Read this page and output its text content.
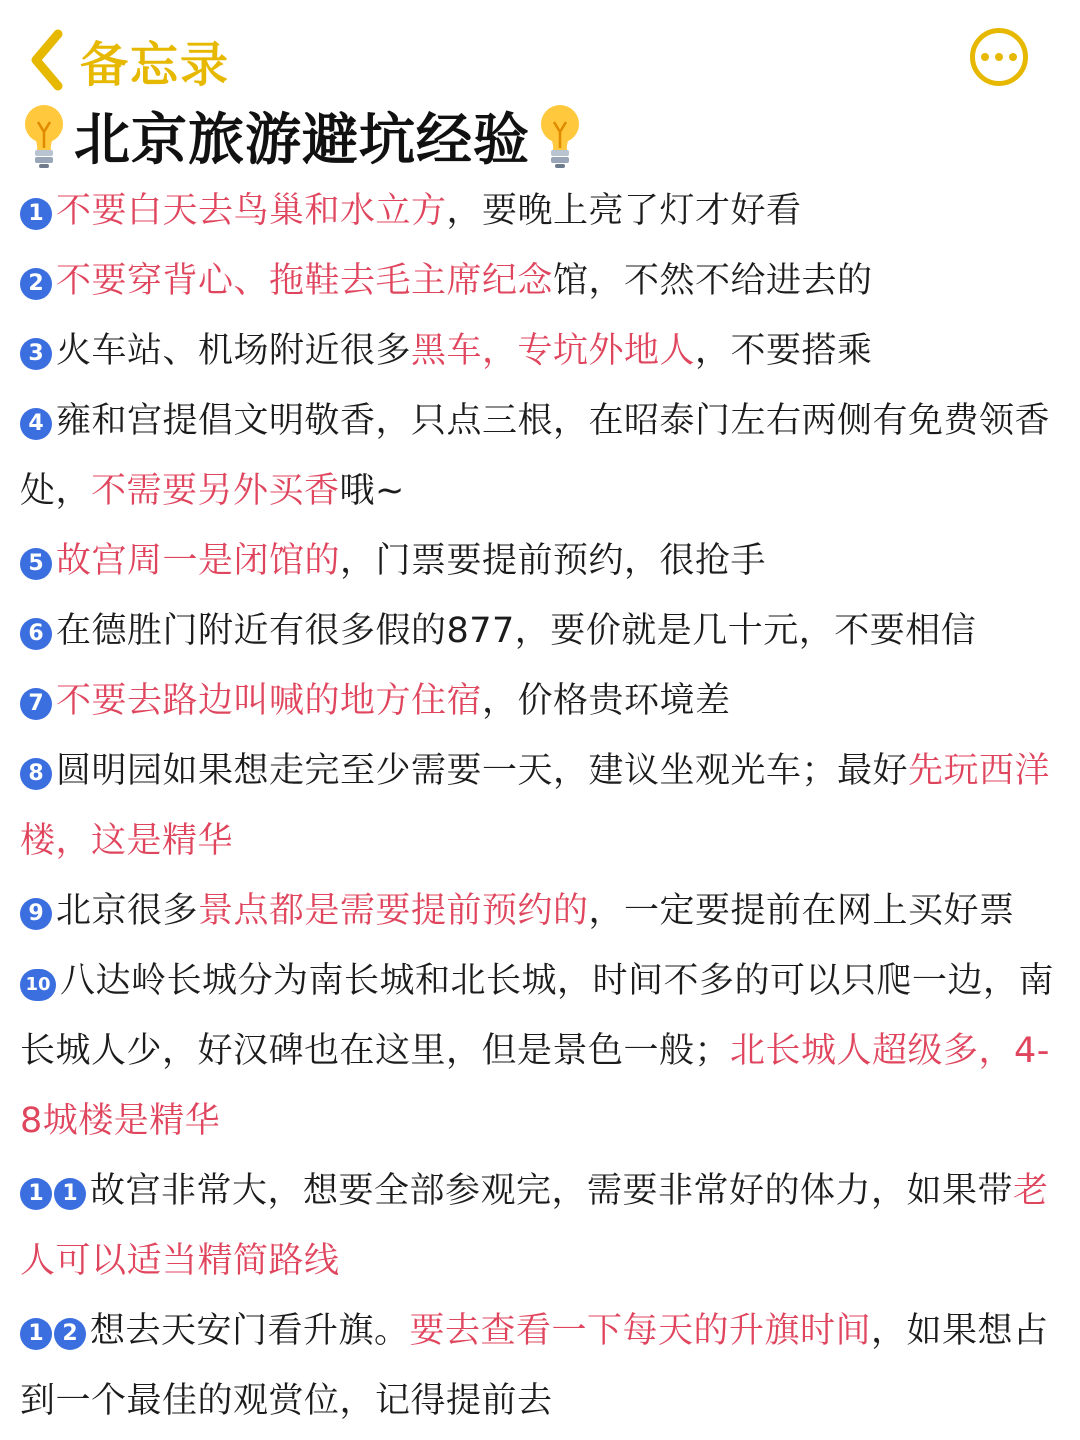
备忘录
北京旅游避坑经验
1 不要白天去鸟巢和水立方，要晚上亮了灯才好看
2 不要穿背心、拖鞋去毛主席纪念馆，不然不给进去的
3 火车站、机场附近很多黑车，专坑外地人，不要搭乘
4 雍和宫提倡文明敬香，只点三根，在昭泰门左右两侧有免费领香处，不需要另外买香哦~
5 故宫周一是闭馆的，门票要提前预约，很抢手
6 在德胜门附近有很多假的877，要价就是几十元，不要相信
7 不要去路边叫喊的地方住宿，价格贵环境差
8 圆明园如果想走完至少需要一天，建议坐观光车；最好先玩西洋楼，这是精华
9 北京很多景点都是需要提前预约的，一定要提前在网上买好票
10 八达岭长城分为南长城和北长城，时间不多的可以只爬一边，南长城人少，好汉碑也在这里，但是景色一般；北长城人超级多，4-8城楼是精华
1 1 故宫非常大，想要全部参观完，需要非常好的体力，如果带老人可以适当精简路线
1 2 想去天安门看升旗。要去查看一下每天的升旗时间，如果想占到一个最佳的观赏位，记得提前去
